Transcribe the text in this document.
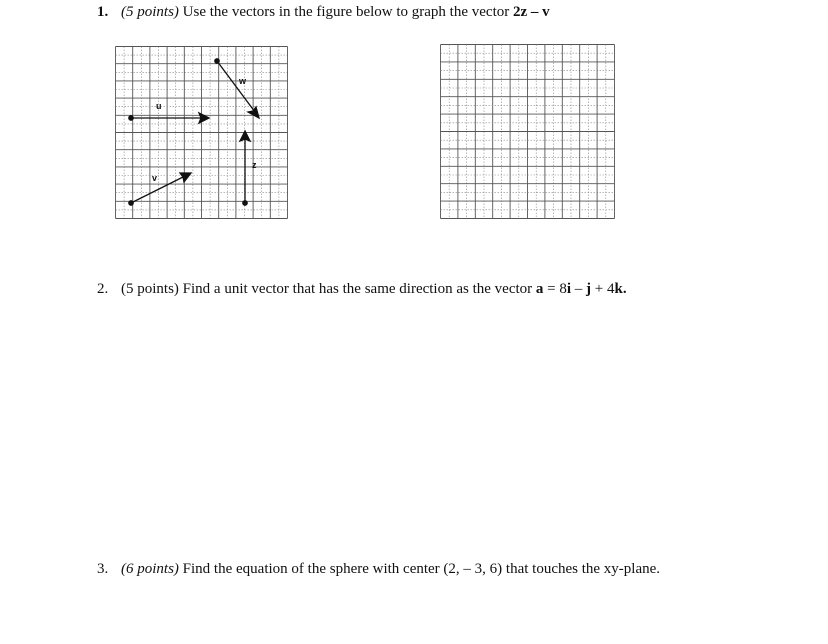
1. (5 points) Use the vectors in the figure below to graph the vector 2z – v
u
v
w
z
2. (5 points) Find a unit vector that has the same direction as the vector a = 8i – j + 4k.
3. (6 points) Find the equation of the sphere with center (2, – 3, 6) that touches the xy-plane.
